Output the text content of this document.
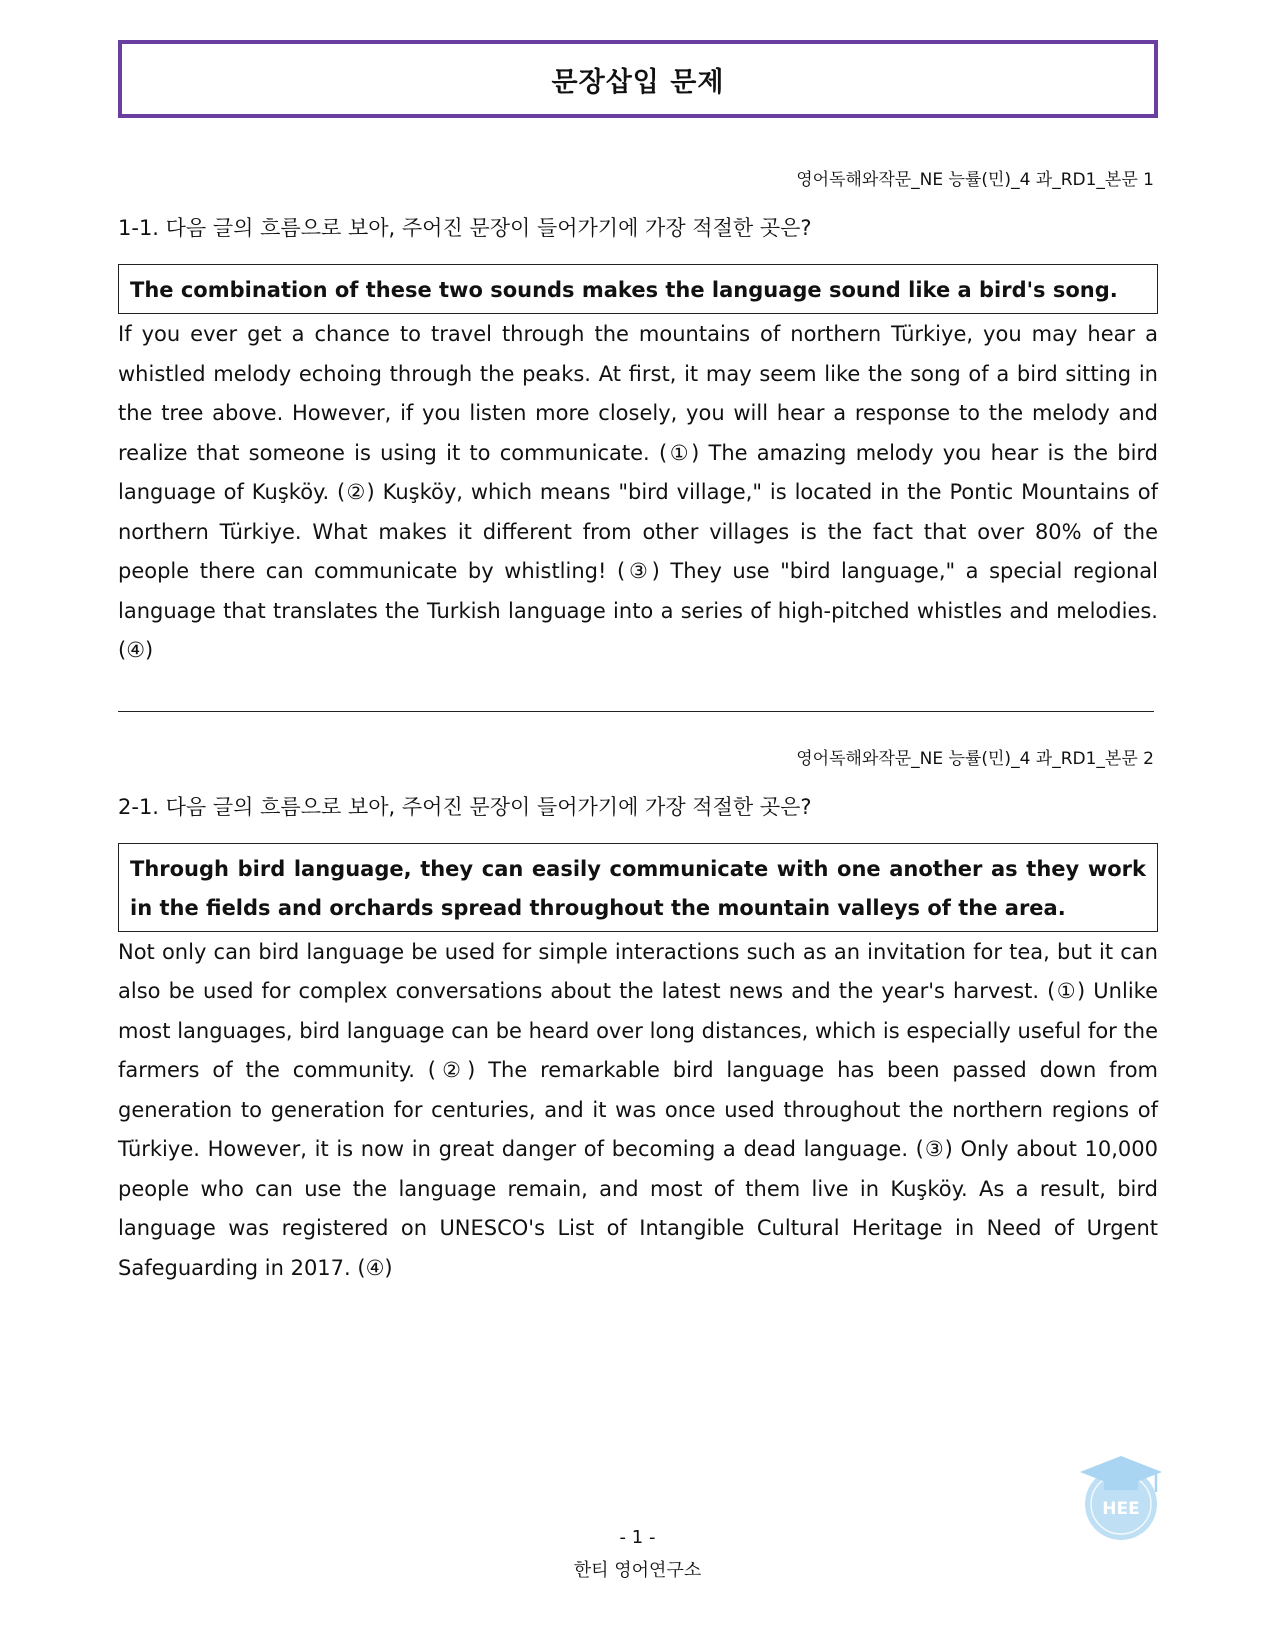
문장삽입 문제
영어독해와작문_NE 능률(민)_4 과_RD1_본문 1
1-1. 다음 글의 흐름으로 보아, 주어진 문장이 들어가기에 가장 적절한 곳은?
The combination of these two sounds makes the language sound like a bird's song.
If you ever get a chance to travel through the mountains of northern Türkiye, you may hear a whistled melody echoing through the peaks. At first, it may seem like the song of a bird sitting in the tree above. However, if you listen more closely, you will hear a response to the melody and realize that someone is using it to communicate. (①) The amazing melody you hear is the bird language of Kuşköy. (②) Kuşköy, which means "bird village," is located in the Pontic Mountains of northern Türkiye. What makes it different from other villages is the fact that over 80% of the people there can communicate by whistling! (③) They use "bird language," a special regional language that translates the Turkish language into a series of high-pitched whistles and melodies. (④)
영어독해와작문_NE 능률(민)_4 과_RD1_본문 2
2-1. 다음 글의 흐름으로 보아, 주어진 문장이 들어가기에 가장 적절한 곳은?
Through bird language, they can easily communicate with one another as they work in the fields and orchards spread throughout the mountain valleys of the area.
Not only can bird language be used for simple interactions such as an invitation for tea, but it can also be used for complex conversations about the latest news and the year's harvest. (①) Unlike most languages, bird language can be heard over long distances, which is especially useful for the farmers of the community. (②) The remarkable bird language has been passed down from generation to generation for centuries, and it was once used throughout the northern regions of Türkiye. However, it is now in great danger of becoming a dead language. (③) Only about 10,000 people who can use the language remain, and most of them live in Kuşköy. As a result, bird language was registered on UNESCO's List of Intangible Cultural Heritage in Need of Urgent Safeguarding in 2017. (④)
HEE
- 1 -
한티 영어연구소
